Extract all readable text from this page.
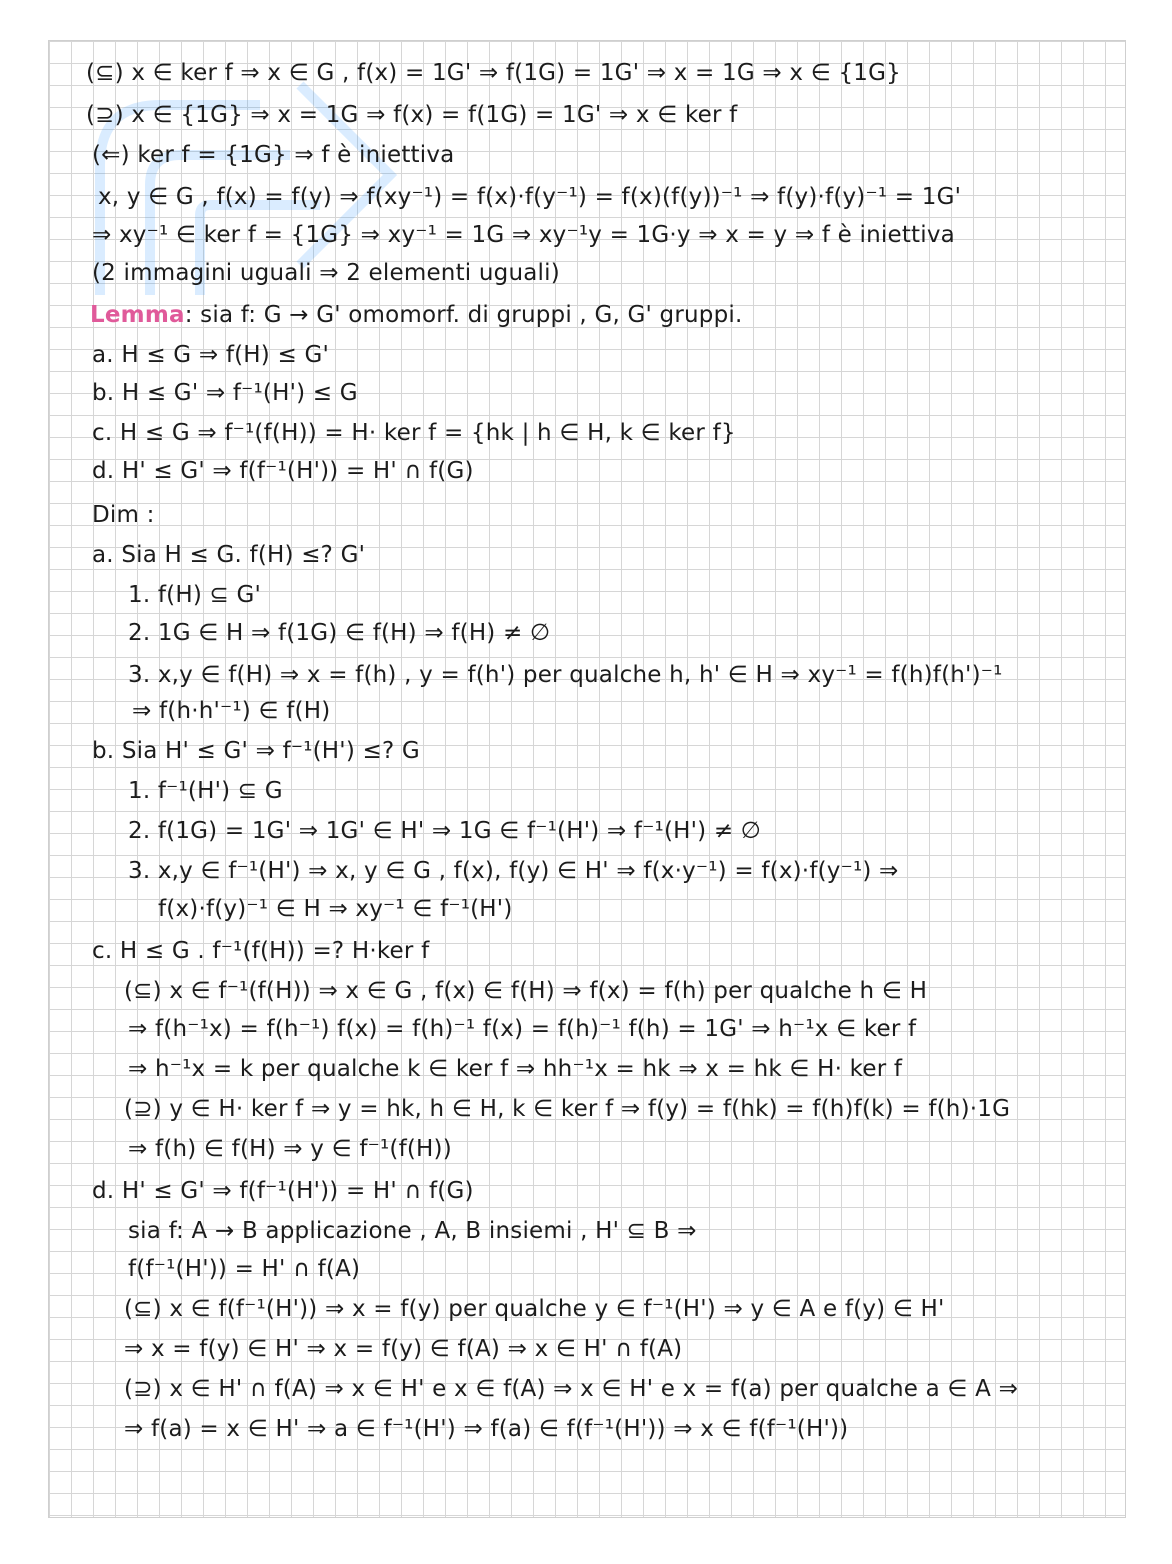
(⊆) x ∈ ker f ⇒ x ∈ G , f(x) = 1G' ⇒ f(1G) = 1G' ⇒ x = 1G ⇒ x ∈ {1G}
(⊇) x ∈ {1G} ⇒ x = 1G ⇒ f(x) = f(1G) = 1G' ⇒ x ∈ ker f
(⇐) ker f = {1G} ⇒ f è iniettiva
x, y ∈ G , f(x) = f(y) ⇒ f(xy⁻¹) = f(x)·f(y⁻¹) = f(x)(f(y))⁻¹ ⇒ f(y)·f(y)⁻¹ = 1G'
⇒ xy⁻¹ ∈ ker f = {1G} ⇒ xy⁻¹ = 1G ⇒ xy⁻¹y = 1G·y ⇒ x = y ⇒ f è iniettiva
(2 immagini uguali ⇒ 2 elementi uguali)
Lemma: sia f: G → G' omomorf. di gruppi , G, G' gruppi.
a. H ≤ G ⇒ f(H) ≤ G'
b. H ≤ G' ⇒ f⁻¹(H') ≤ G
c. H ≤ G ⇒ f⁻¹(f(H)) = H· ker f = {hk | h ∈ H, k ∈ ker f}
d. H' ≤ G' ⇒ f(f⁻¹(H')) = H' ∩ f(G)
Dim :
a. Sia H ≤ G. f(H) ≤? G'
1. f(H) ⊆ G'
2. 1G ∈ H ⇒ f(1G) ∈ f(H) ⇒ f(H) ≠ ∅
3. x,y ∈ f(H) ⇒ x = f(h) , y = f(h') per qualche h, h' ∈ H ⇒ xy⁻¹ = f(h)f(h')⁻¹
⇒ f(h·h'⁻¹) ∈ f(H)
b. Sia H' ≤ G' ⇒ f⁻¹(H') ≤? G
1. f⁻¹(H') ⊆ G
2. f(1G) = 1G' ⇒ 1G' ∈ H' ⇒ 1G ∈ f⁻¹(H') ⇒ f⁻¹(H') ≠ ∅
3. x,y ∈ f⁻¹(H') ⇒ x, y ∈ G , f(x), f(y) ∈ H' ⇒ f(x·y⁻¹) = f(x)·f(y⁻¹) ⇒
f(x)·f(y)⁻¹ ∈ H ⇒ xy⁻¹ ∈ f⁻¹(H')
c. H ≤ G . f⁻¹(f(H)) =? H·ker f
(⊆) x ∈ f⁻¹(f(H)) ⇒ x ∈ G , f(x) ∈ f(H) ⇒ f(x) = f(h) per qualche h ∈ H
⇒ f(h⁻¹x) = f(h⁻¹) f(x) = f(h)⁻¹ f(x) = f(h)⁻¹ f(h) = 1G' ⇒ h⁻¹x ∈ ker f
⇒ h⁻¹x = k per qualche k ∈ ker f ⇒ hh⁻¹x = hk ⇒ x = hk ∈ H· ker f
(⊇) y ∈ H· ker f ⇒ y = hk, h ∈ H, k ∈ ker f ⇒ f(y) = f(hk) = f(h)f(k) = f(h)·1G
⇒ f(h) ∈ f(H) ⇒ y ∈ f⁻¹(f(H))
d. H' ≤ G' ⇒ f(f⁻¹(H')) = H' ∩ f(G)
sia f: A → B applicazione , A, B insiemi , H' ⊆ B ⇒
f(f⁻¹(H')) = H' ∩ f(A)
(⊆) x ∈ f(f⁻¹(H')) ⇒ x = f(y) per qualche y ∈ f⁻¹(H') ⇒ y ∈ A e f(y) ∈ H'
⇒ x = f(y) ∈ H' ⇒ x = f(y) ∈ f(A) ⇒ x ∈ H' ∩ f(A)
(⊇) x ∈ H' ∩ f(A) ⇒ x ∈ H' e x ∈ f(A) ⇒ x ∈ H' e x = f(a) per qualche a ∈ A ⇒
⇒ f(a) = x ∈ H' ⇒ a ∈ f⁻¹(H') ⇒ f(a) ∈ f(f⁻¹(H')) ⇒ x ∈ f(f⁻¹(H'))
